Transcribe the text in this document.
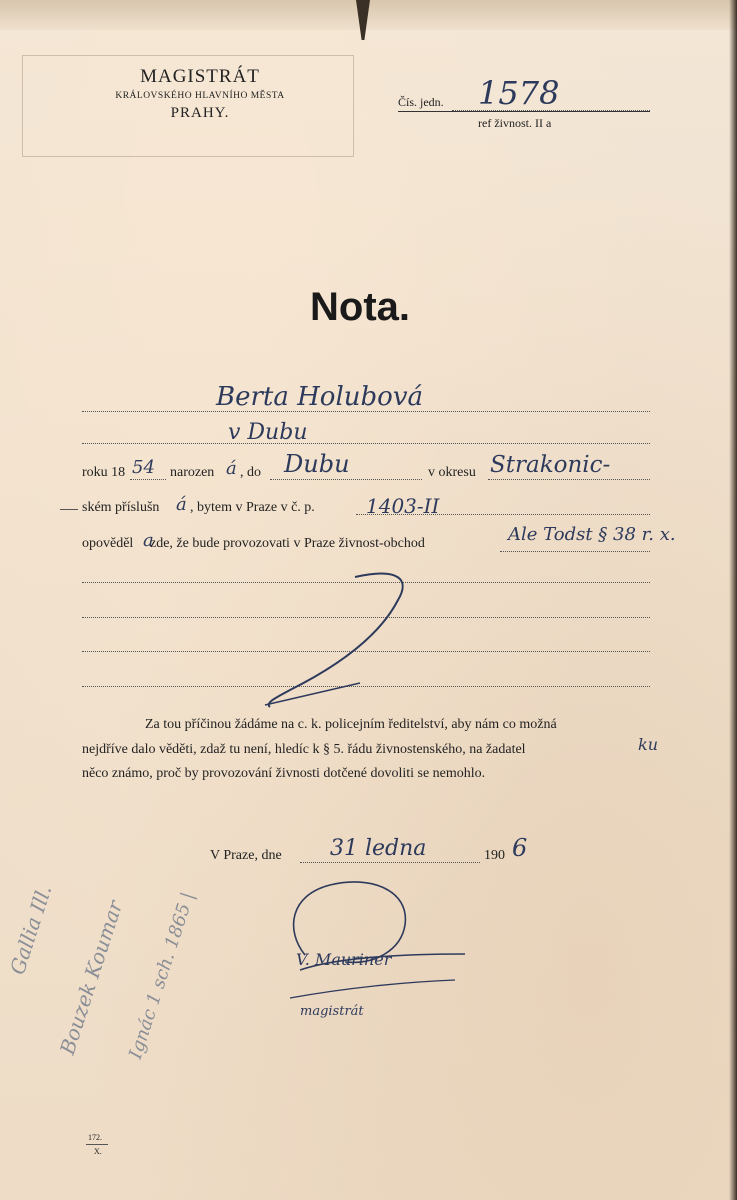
MAGISTRÁT
KRÁLOVSKÉHO HLAVNÍHO MĚSTA
PRAHY.
Čís. jedn. 1578
ref živnost. II a
Nota.
Berta Holubová
v Dubu
roku 18 54 narozen á , do Dubu	v okresu Strakonic-
ském příslušn á , bytem v Praze v č. p.	1403-II
opověděl a
zde, že bude provozovati v Praze živnost-obchod	Ale Todst § 38 r. x.
Za tou příčinou žádáme na c. k. policejním ředitelství, aby nám co možná
nejdříve dalo věděti, zdaž tu není, hledíc k § 5. řádu živnostenského, na žadatel	ku
něco známo, proč by provozování živnosti dotčené dovoliti se nemohlo.
V Praze, dne 31 ledna	190 6
V. Mauriner
magistrát
Gallia Ill.
Bouzek Koumar
Ignác 1 sch. 1865 |
172.
X.
